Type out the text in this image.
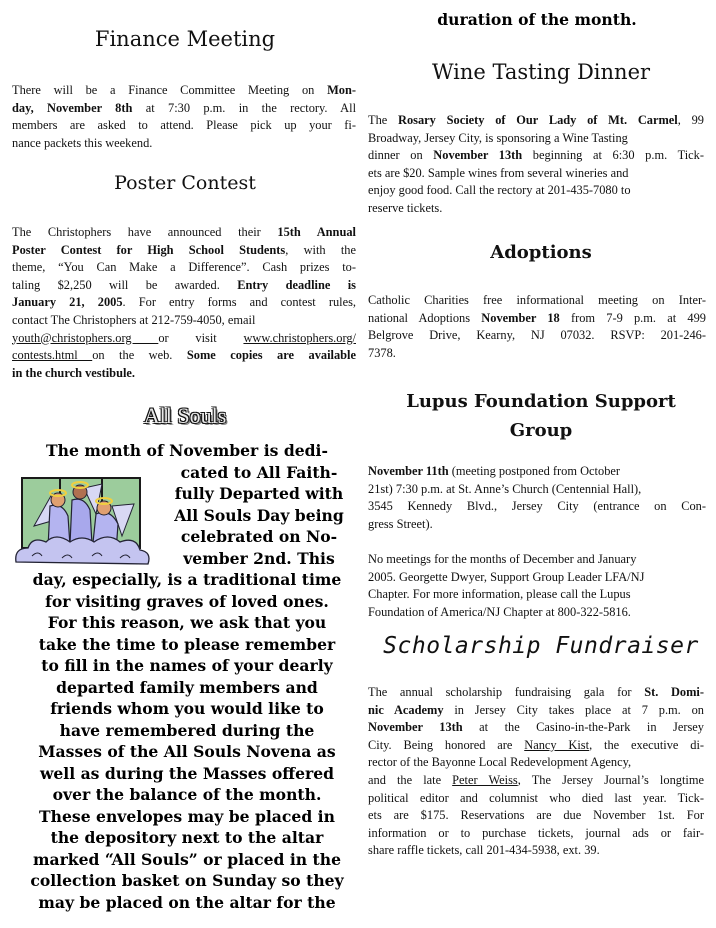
Finance Meeting
There will be a Finance Committee Meeting on Mon-
day, November 8th at 7:30 p.m. in the rectory. All
members are asked to attend. Please pick up your fi-
nance packets this weekend.
Poster Contest
The Christophers have announced their 15th Annual
Poster Contest for High School Students, with the
theme, “You Can Make a Difference”. Cash prizes to-
taling $2,250 will be awarded. Entry deadline is
January 21, 2005. For entry forms and contest rules,
contact The Christophers at 212-759-4050, email
youth@christophers.org or visit www.christophers.org/
contests.html on the web. Some copies are available
in the church vestibule.
All Souls
The month of November is dedi-
cated to All Faith-
fully Departed with
All Souls Day being
celebrated on No-
vember 2nd. This
day, especially, is a traditional time
for visiting graves of loved ones.
For this reason, we ask that you
take the time to please remember
to fill in the names of your dearly
departed family members and
friends whom you would like to
have remembered during the
Masses of the All Souls Novena as
well as during the Masses offered
over the balance of the month.
These envelopes may be placed in
the depository next to the altar
marked “All Souls” or placed in the
collection basket on Sunday so they
may be placed on the altar for the
duration of the month.
Wine Tasting Dinner
The Rosary Society of Our Lady of Mt. Carmel, 99
Broadway, Jersey City, is sponsoring a Wine Tasting
dinner on November 13th beginning at 6:30 p.m. Tick-
ets are $20. Sample wines from several wineries and
enjoy good food. Call the rectory at 201-435-7080 to
reserve tickets.
Adoptions
Catholic Charities free informational meeting on Inter-
national Adoptions November 18 from 7-9 p.m. at 499
Belgrove Drive, Kearny, NJ 07032. RSVP: 201-246-
7378.
Lupus Foundation Support
Group
November 11th (meeting postponed from October
21st) 7:30 p.m. at St. Anne’s Church (Centennial Hall),
3545 Kennedy Blvd., Jersey City (entrance on Con-
gress Street).
No meetings for the months of December and January
2005. Georgette Dwyer, Support Group Leader LFA/NJ
Chapter. For more information, please call the Lupus
Foundation of America/NJ Chapter at 800-322-5816.
Scholarship Fundraiser
The annual scholarship fundraising gala for St. Domi-
nic Academy in Jersey City takes place at 7 p.m. on
November 13th at the Casino-in-the-Park in Jersey
City. Being honored are Nancy Kist, the executive di-
rector of the Bayonne Local Redevelopment Agency,
and the late Peter Weiss, The Jersey Journal’s longtime
political editor and columnist who died last year. Tick-
ets are $175. Reservations are due November 1st. For
information or to purchase tickets, journal ads or fair-
share raffle tickets, call 201-434-5938, ext. 39.
